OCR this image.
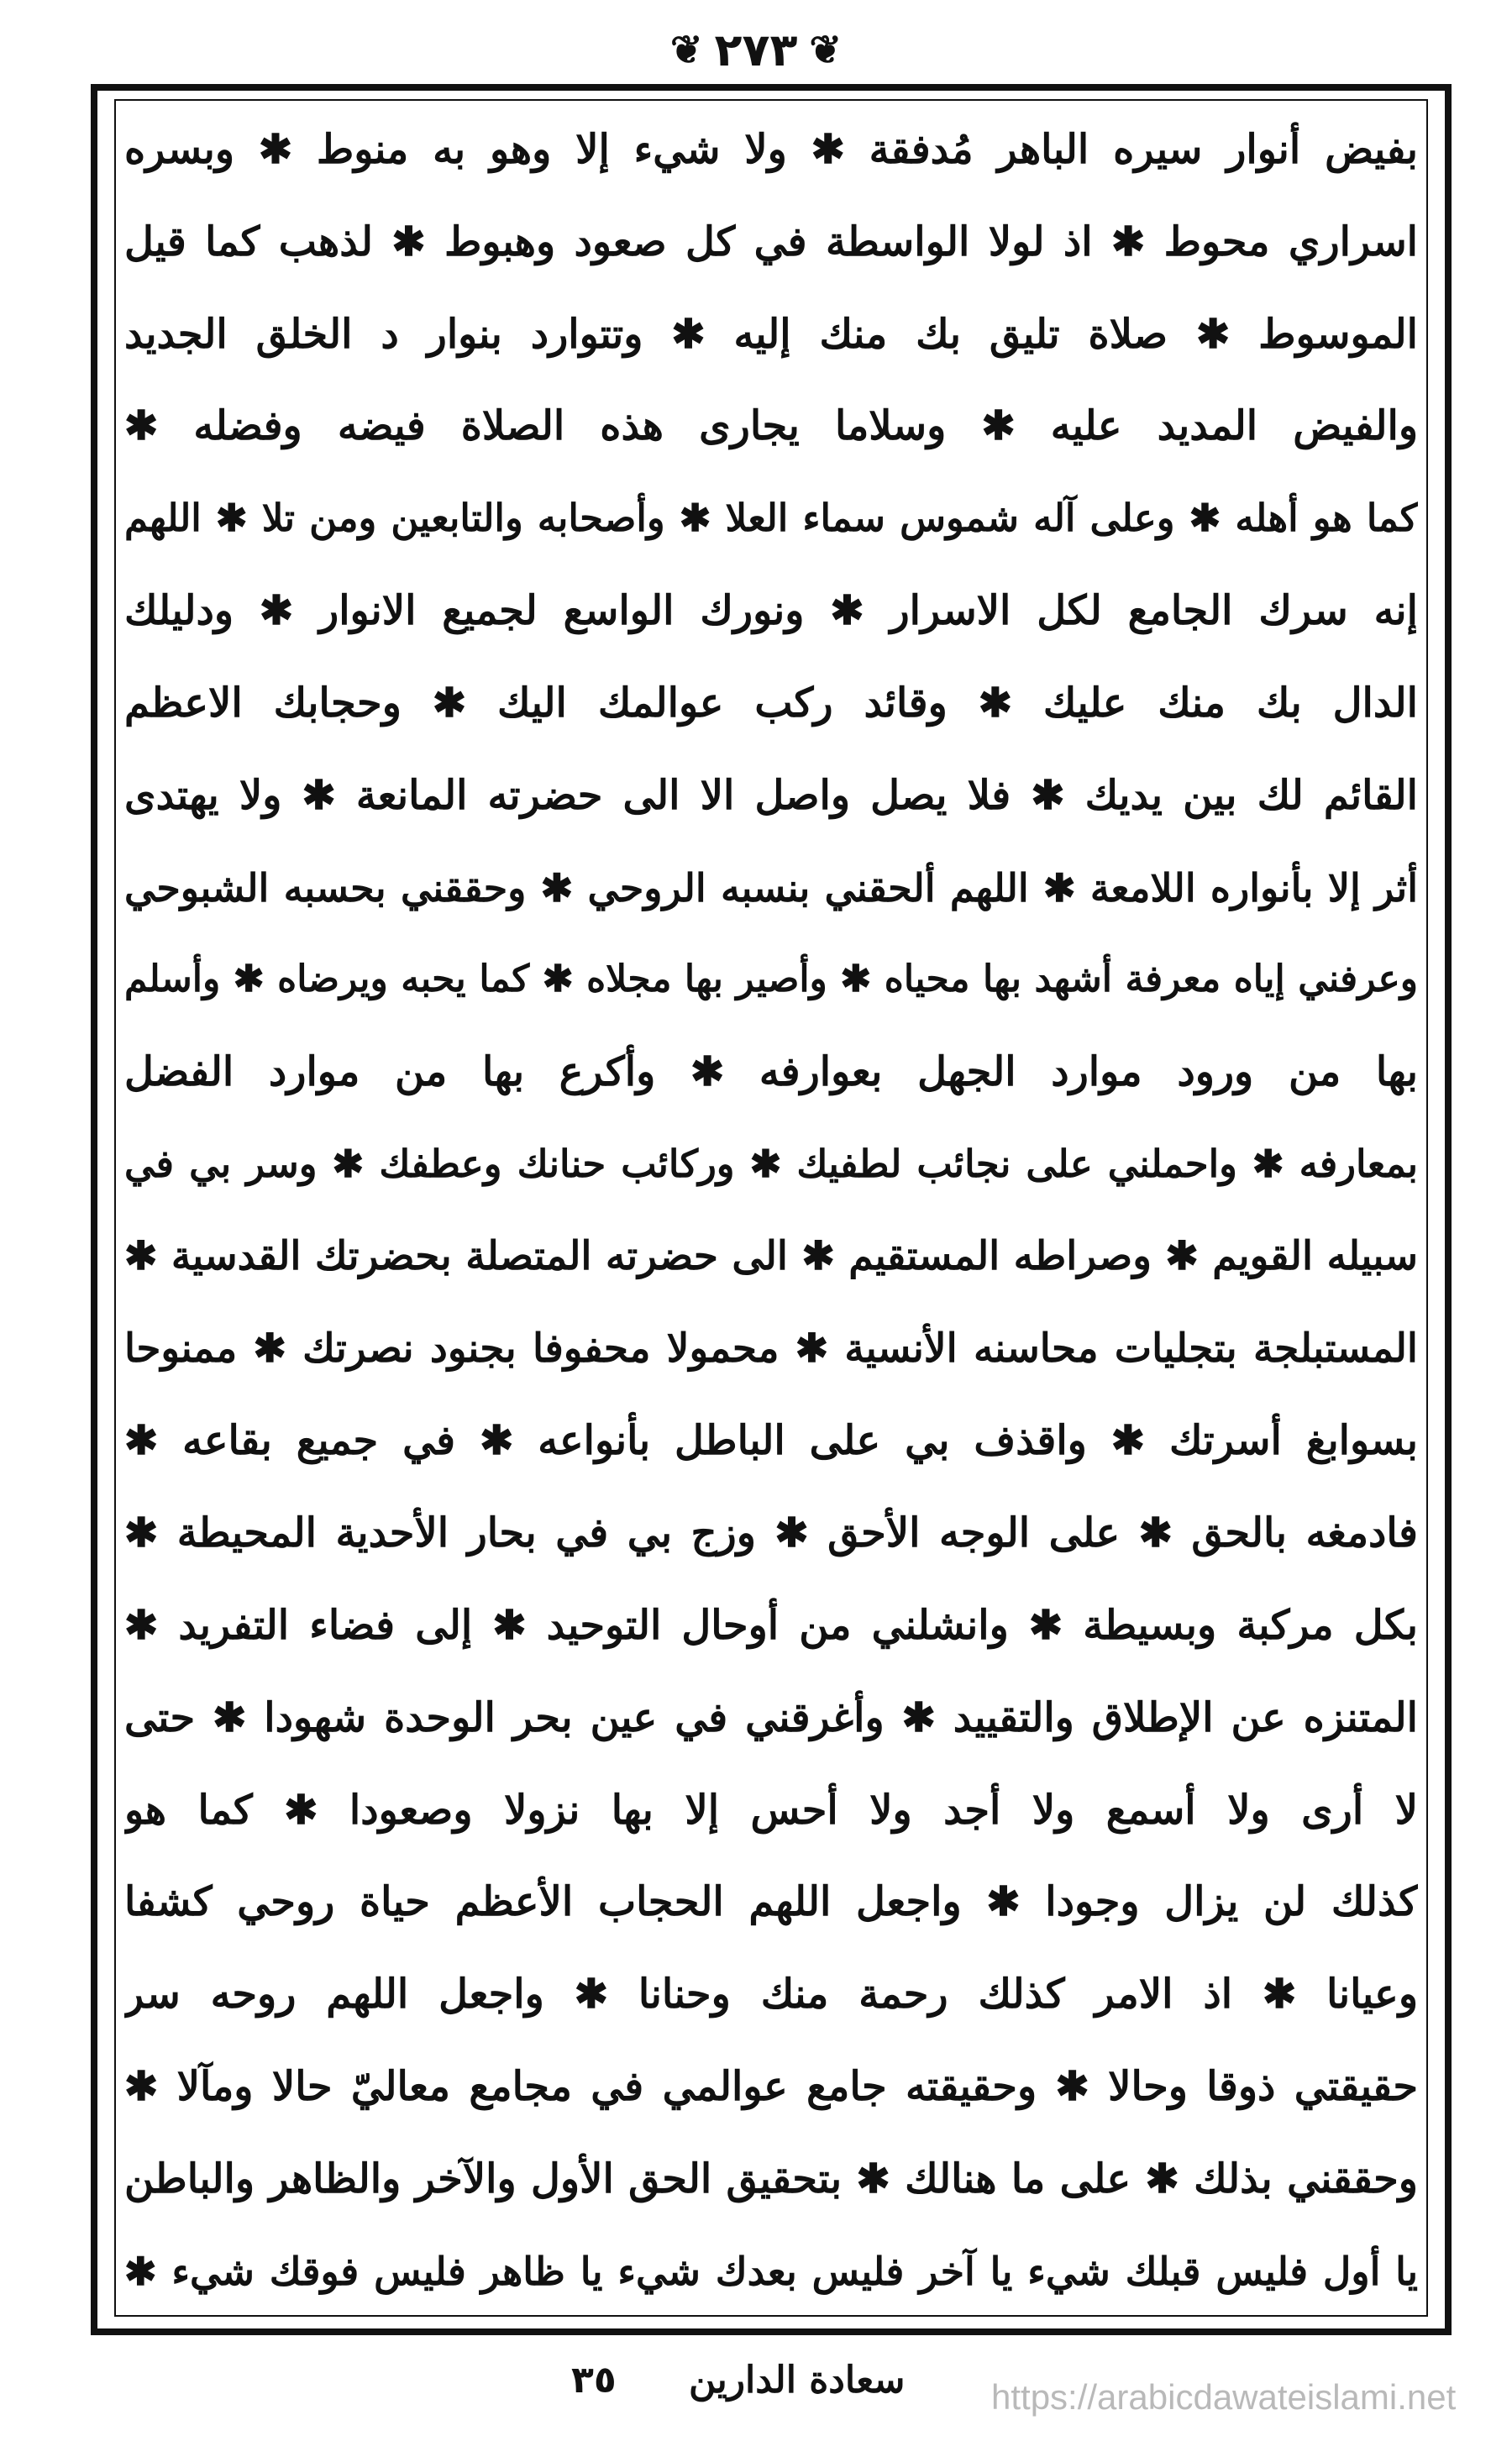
❦ ٢٧٣ ❦
بفيض أنوار سيره الباهر مُدفقة ✱ ولا شيء إلا وهو به منوط ✱ وبسره
اسراري محوط ✱ اذ لولا الواسطة في كل صعود وهبوط ✱ لذهب كما قيل
الموسوط ✱ صلاة تليق بك منك إليه ✱ وتتوارد بنوار د الخلق الجديد
والفيض المديد عليه ✱ وسلاما يجارى هذه الصلاة فيضه وفضله ✱
كما هو أهله ✱ وعلى آله شموس سماء العلا ✱ وأصحابه والتابعين ومن تلا ✱ اللهم
إنه سرك الجامع لكل الاسرار ✱ ونورك الواسع لجميع الانوار ✱ ودليلك
الدال بك منك عليك ✱ وقائد ركب عوالمك اليك ✱ وحجابك الاعظم
القائم لك بين يديك ✱ فلا يصل واصل الا الى حضرته المانعة ✱ ولا يهتدى
أثر إلا بأنواره اللامعة ✱ اللهم ألحقني بنسبه الروحي ✱ وحققني بحسبه الشبوحي
وعرفني إياه معرفة أشهد بها محياه ✱ وأصير بها مجلاه ✱ كما يحبه ويرضاه ✱ وأسلم
بها من ورود موارد الجهل بعوارفه ✱ وأكرع بها من موارد الفضل
بمعارفه ✱ واحملني على نجائب لطفيك ✱ وركائب حنانك وعطفك ✱ وسر بي في
سبيله القويم ✱ وصراطه المستقيم ✱ الى حضرته المتصلة بحضرتك القدسية ✱
المستبلجة بتجليات محاسنه الأنسية ✱ محمولا محفوفا بجنود نصرتك ✱ ممنوحا
بسوابغ أسرتك ✱ واقذف بي على الباطل بأنواعه ✱ في جميع بقاعه ✱
فادمغه بالحق ✱ على الوجه الأحق ✱ وزج بي في بحار الأحدية المحيطة ✱
بكل مركبة وبسيطة ✱ وانشلني من أوحال التوحيد ✱ إلى فضاء التفريد ✱
المتنزه عن الإطلاق والتقييد ✱ وأغرقني في عين بحر الوحدة شهودا ✱ حتى
لا أرى ولا أسمع ولا أجد ولا أحس إلا بها نزولا وصعودا ✱ كما هو
كذلك لن يزال وجودا ✱ واجعل اللهم الحجاب الأعظم حياة روحي كشفا
وعيانا ✱ اذ الامر كذلك رحمة منك وحنانا ✱ واجعل اللهم روحه سر
حقيقتي ذوقا وحالا ✱ وحقيقته جامع عوالمي في مجامع معاليّ حالا ومآلا ✱
وحققني بذلك ✱ على ما هنالك ✱ بتحقيق الحق الأول والآخر والظاهر والباطن
يا أول فليس قبلك شيء يا آخر فليس بعدك شيء يا ظاهر فليس فوقك شيء ✱
سعادة الدارين
٣٥	https://arabicdawateislami.net
